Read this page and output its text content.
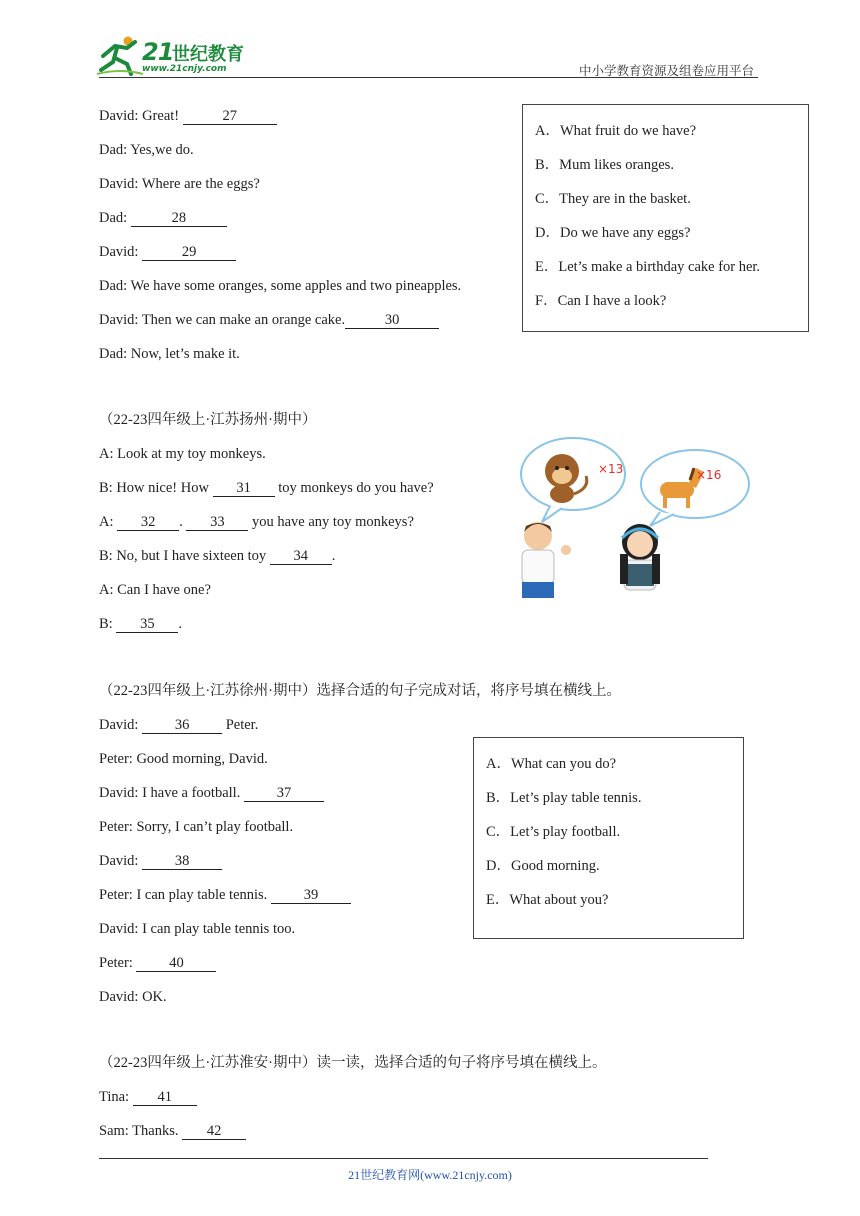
21
世纪教育
www.21cnjy.com	中小学教育资源及组卷应用平台
David: Great!	27
Dad: Yes,we do.
David: Where are the eggs?
Dad:	28
David:	29
Dad: We have some oranges, some apples and two pineapples.
David: Then we can make an orange cake.	30
Dad: Now, let’s make it.
A．What fruit do we have?
B．Mum likes oranges.
C．They are in the basket.
D．Do we have any eggs?
E．Let’s make a birthday cake for her.
F．Can I have a look?
（22-23四年级上·江苏扬州·期中）
A: Look at my toy monkeys.
B: How nice! How 31 toy monkeys do you have?
A: 32 . 33 you have any toy monkeys?
B: No, but I have sixteen toy 34 .
A: Can I have one?
B: 35 .
×13	×16
（22-23四年级上·江苏徐州·期中）选择合适的句子完成对话，将序号填在横线上。
David: 36 Peter.
Peter: Good morning, David.
David: I have a football. 37
Peter: Sorry, I can’t play football.
David: 38
Peter: I can play table tennis. 39
David: I can play table tennis too.
Peter: 40
David: OK.
A．What can you do?
B．Let’s play table tennis.
C．Let’s play football.
D．Good morning.
E．What about you?
（22-23四年级上·江苏淮安·期中）读一读，选择合适的句子将序号填在横线上。
Tina: 41
Sam: Thanks. 42
21世纪教育网(www.21cnjy.com)
